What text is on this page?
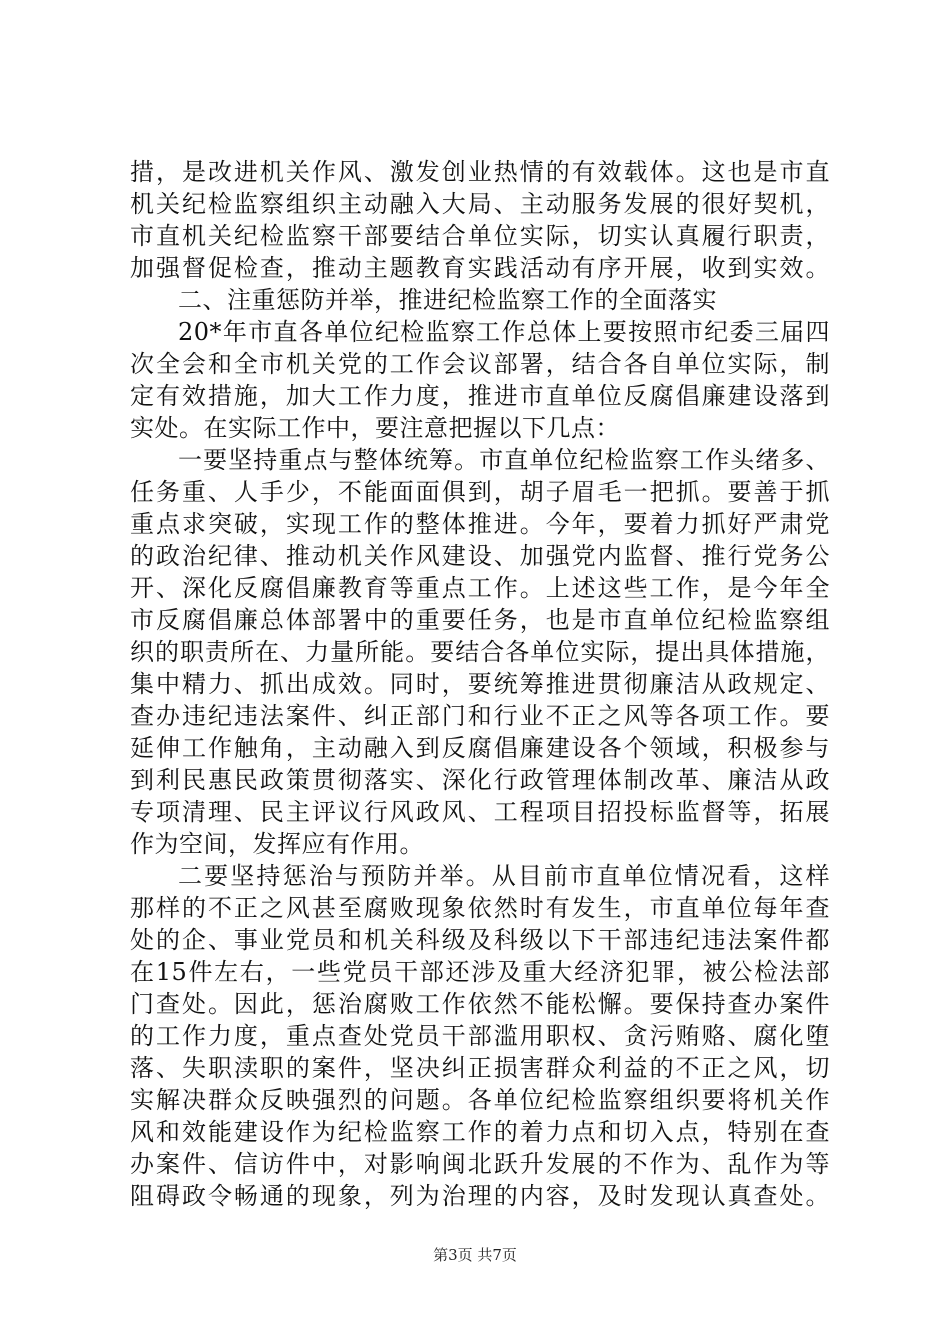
措，是改进机关作风、激发创业热情的有效载体。这也是市直
机关纪检监察组织主动融入大局、主动服务发展的很好契机，
市直机关纪检监察干部要结合单位实际，切实认真履行职责，
加强督促检查，推动主题教育实践活动有序开展，收到实效。
二、注重惩防并举，推进纪检监察工作的全面落实
20*年市直各单位纪检监察工作总体上要按照市纪委三届四
次全会和全市机关党的工作会议部署，结合各自单位实际，制
定有效措施，加大工作力度，推进市直单位反腐倡廉建设落到
实处。在实际工作中，要注意把握以下几点：
一要坚持重点与整体统筹。市直单位纪检监察工作头绪多、
任务重、人手少，不能面面俱到，胡子眉毛一把抓。要善于抓
重点求突破，实现工作的整体推进。今年，要着力抓好严肃党
的政治纪律、推动机关作风建设、加强党内监督、推行党务公
开、深化反腐倡廉教育等重点工作。上述这些工作，是今年全
市反腐倡廉总体部署中的重要任务，也是市直单位纪检监察组
织的职责所在、力量所能。要结合各单位实际，提出具体措施，
集中精力、抓出成效。同时，要统筹推进贯彻廉洁从政规定、
查办违纪违法案件、纠正部门和行业不正之风等各项工作。要
延伸工作触角，主动融入到反腐倡廉建设各个领域，积极参与
到利民惠民政策贯彻落实、深化行政管理体制改革、廉洁从政
专项清理、民主评议行风政风、工程项目招投标监督等，拓展
作为空间，发挥应有作用。
二要坚持惩治与预防并举。从目前市直单位情况看，这样
那样的不正之风甚至腐败现象依然时有发生，市直单位每年查
处的企、事业党员和机关科级及科级以下干部违纪违法案件都
在15件左右，一些党员干部还涉及重大经济犯罪，被公检法部
门查处。因此，惩治腐败工作依然不能松懈。要保持查办案件
的工作力度，重点查处党员干部滥用职权、贪污贿赂、腐化堕
落、失职渎职的案件，坚决纠正损害群众利益的不正之风，切
实解决群众反映强烈的问题。各单位纪检监察组织要将机关作
风和效能建设作为纪检监察工作的着力点和切入点，特别在查
办案件、信访件中，对影响闽北跃升发展的不作为、乱作为等
阻碍政令畅通的现象，列为治理的内容，及时发现认真查处。
第3页 共7页
